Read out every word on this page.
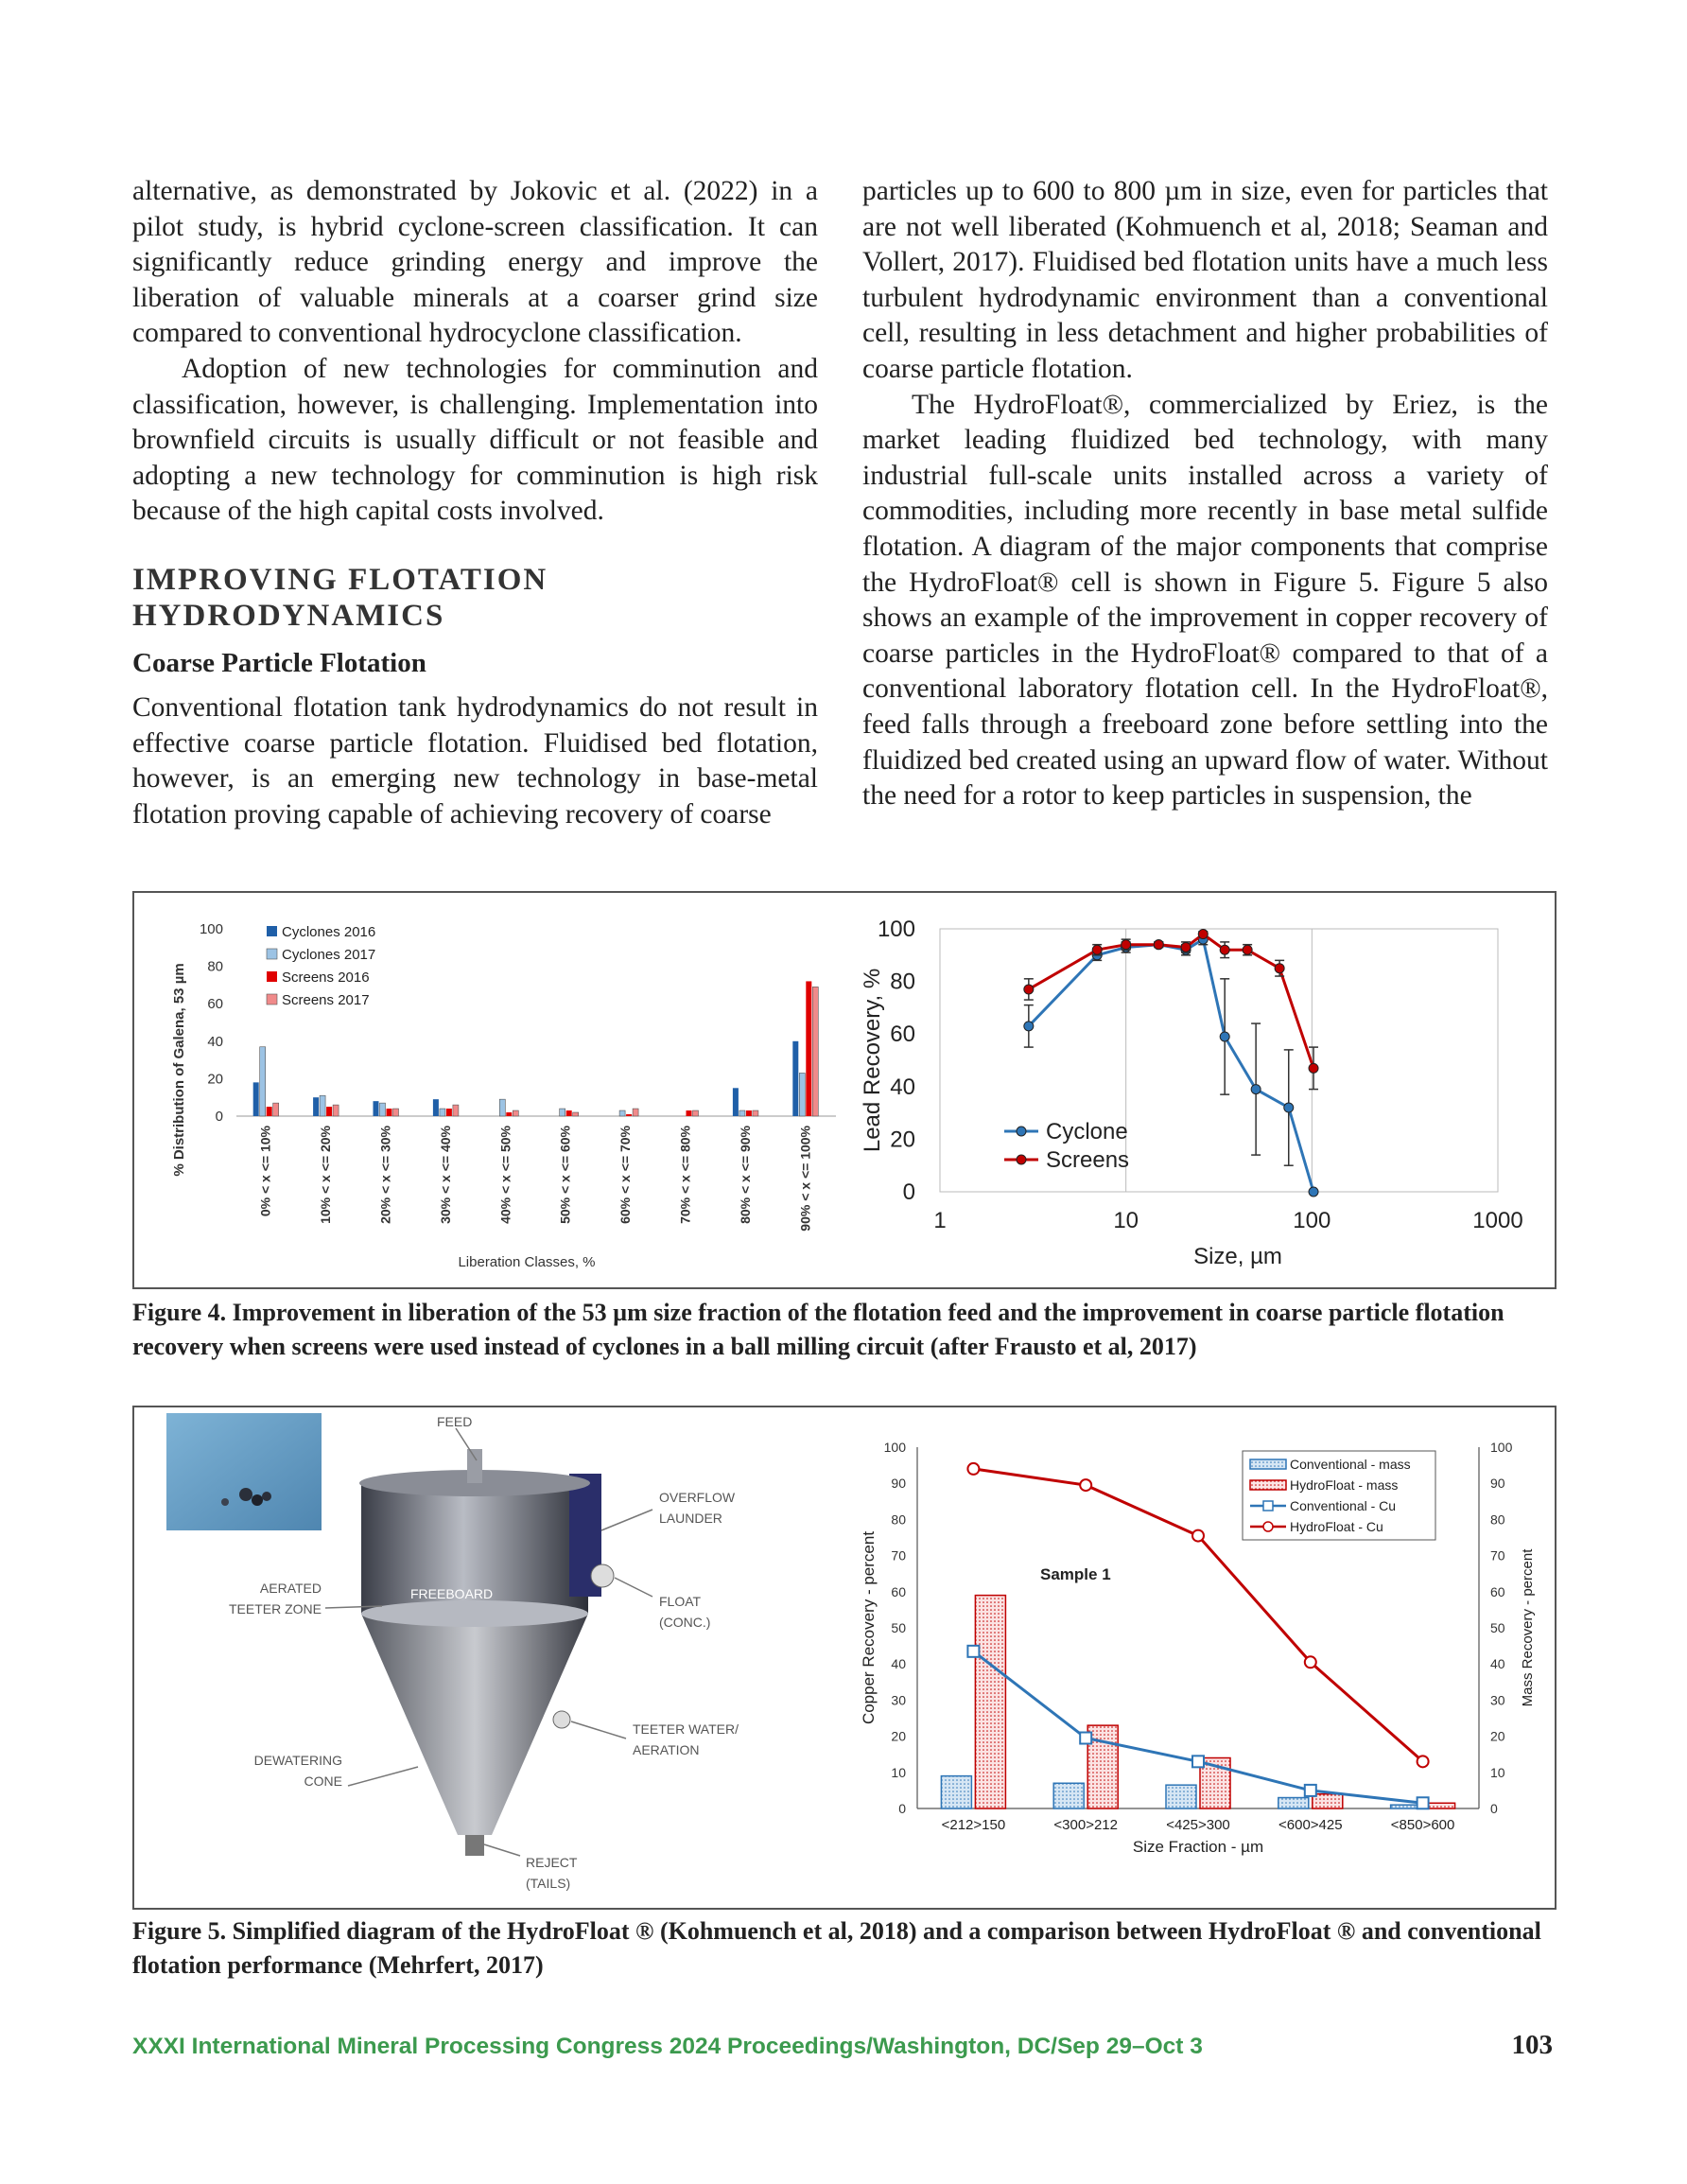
alternative, as demonstrated by Jokovic et al. (2022) in a pilot study, is hybrid cyclone-screen classification. It can significantly reduce grinding energy and improve the liberation of valuable minerals at a coarser grind size compared to conventional hydrocyclone classification.

Adoption of new technologies for comminution and classification, however, is challenging. Implementation into brownfield circuits is usually difficult or not feasible and adopting a new technology for comminution is high risk because of the high capital costs involved.

IMPROVING FLOTATION HYDRODYNAMICS
Coarse Particle Flotation

Conventional flotation tank hydrodynamics do not result in effective coarse particle flotation. Fluidised bed flotation, however, is an emerging new technology in base-metal flotation proving capable of achieving recovery of coarse

particles up to 600 to 800 µm in size, even for particles that are not well liberated (Kohmuench et al, 2018; Seaman and Vollert, 2017). Fluidised bed flotation units have a much less turbulent hydrodynamic environment than a conventional cell, resulting in less detachment and higher probabilities of coarse particle flotation.

The HydroFloat®, commercialized by Eriez, is the market leading fluidized bed technology, with many industrial full-scale units installed across a variety of commodities, including more recently in base metal sulfide flotation. A diagram of the major components that comprise the HydroFloat® cell is shown in Figure 5. Figure 5 also shows an example of the improvement in copper recovery of coarse particles in the HydroFloat® compared to that of a conventional laboratory flotation cell. In the HydroFloat®, feed falls through a freeboard zone before settling into the fluidized bed created using an upward flow of water. Without the need for a rotor to keep particles in suspension, the

0
20
40
60
80
100
0% < x <= 10%	10% < x <= 20%	20% < x <= 30%	30% < x <= 40%	40% < x <= 50%	50% < x <= 60%	60% < x <= 70%	70% < x <= 80%	80% < x <= 90%	90% < x <= 100%
% Distribution of Galena, 53 µm
Liberation Classes, %
Cyclones 2016
Cyclones 2017
Screens 2016
Screens 2017
0
20
40
60
80
100
1	10	100	1000
Lead Recovery, %
Size, µm
Cyclone
Screens
Figure 4. Improvement in liberation of the 53 µm size fraction of the flotation feed and the improvement in coarse particle flotation recovery when screens were used instead of cyclones in a ball milling circuit (after Frausto et al, 2017)
FEED
OVERFLOW
LAUNDER
AERATED
TEETER ZONE
FREEBOARD	FLOAT
(CONC.)
TEETER WATER/
AERATION
DEWATERING
CONE
REJECT
(TAILS)
0	0
10	10
20	20
30	30
40	40
50	50
60	60
70	70
80	80
90	90
100	100
<212>150	<300>212	<425>300	<600>425	<850>600
Sample 1
Size Fraction - µm
Copper Recovery - percent	Mass Recovery - percent
Conventional - mass
HydroFloat - mass
Conventional - Cu
HydroFloat - Cu
Figure 5. Simplified diagram of the HydroFloat ® (Kohmuench et al, 2018) and a comparison between HydroFloat ® and conventional flotation performance (Mehrfert, 2017)
XXXI International Mineral Processing Congress 2024 Proceedings/Washington, DC/Sep 29–Oct 3	103
